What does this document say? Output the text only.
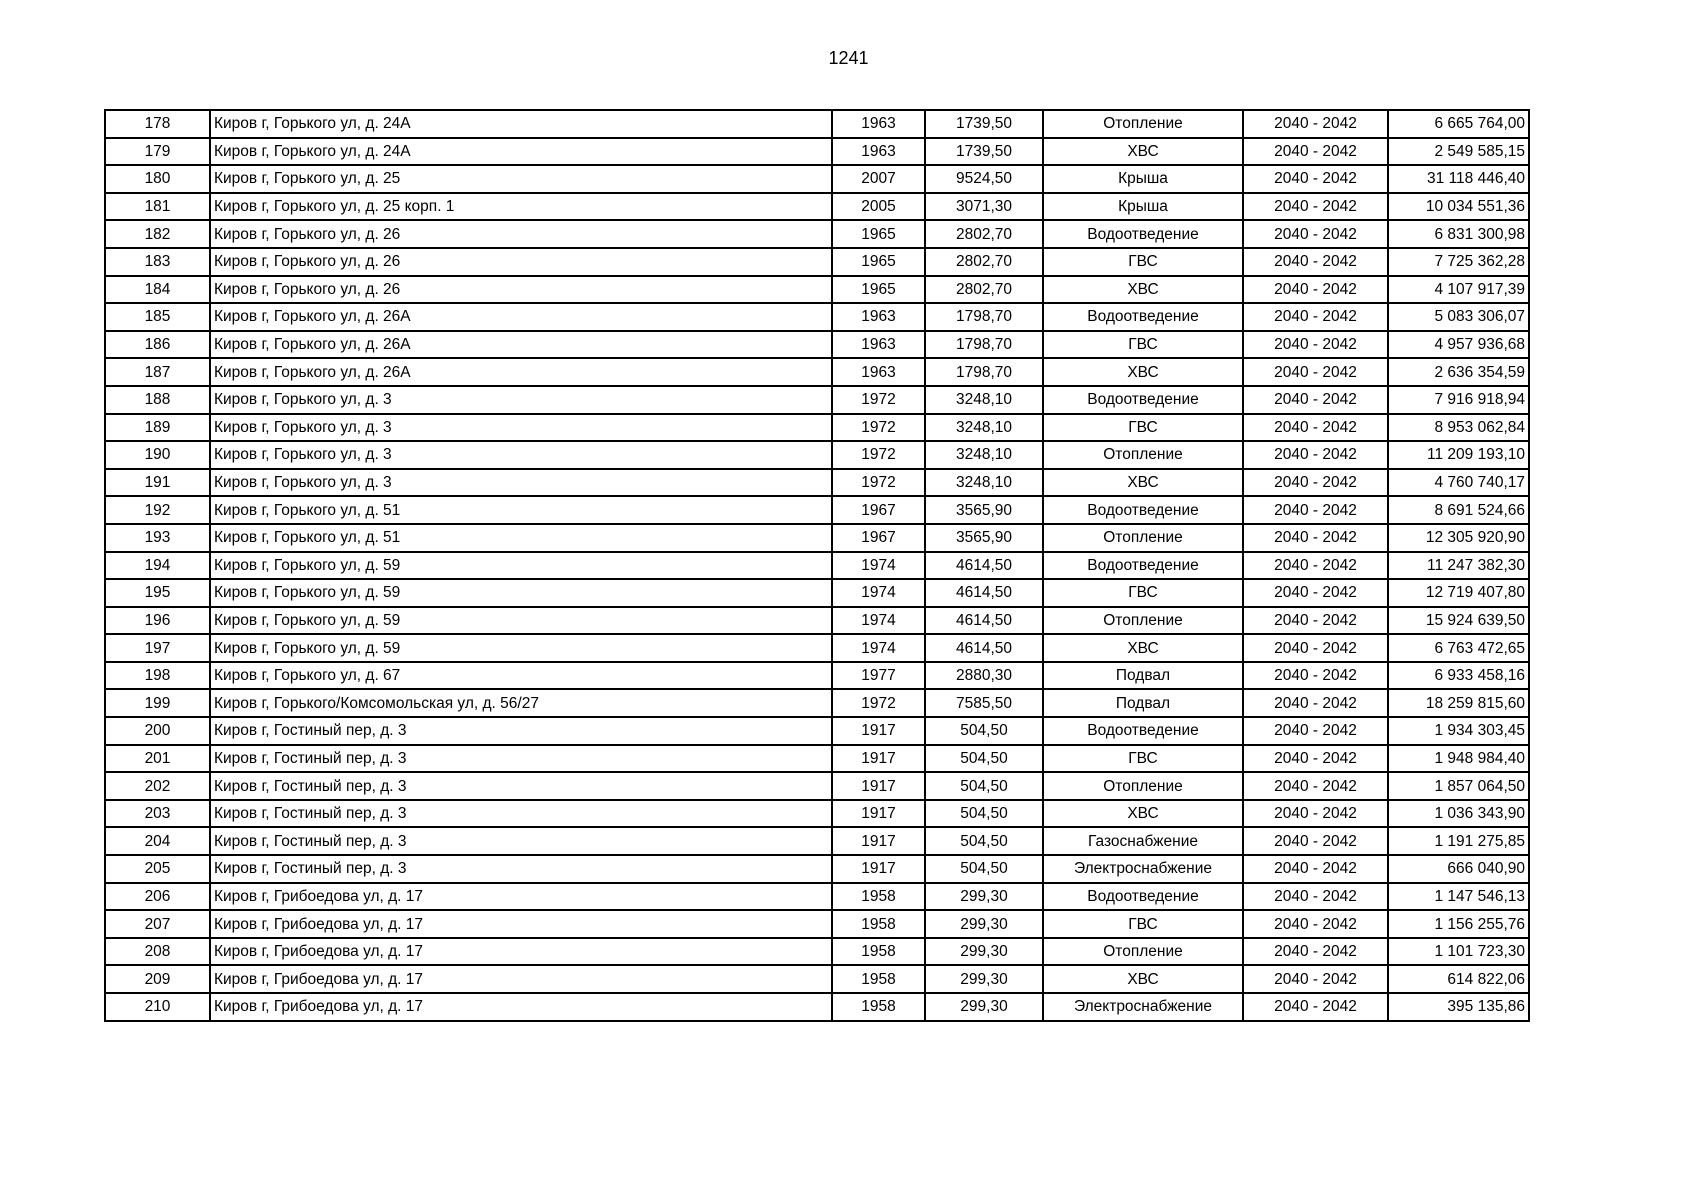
1241
178	Киров г, Горького ул, д. 24А	1963	1739,50	Отопление	2040 - 2042	6 665 764,00
179	Киров г, Горького ул, д. 24А	1963	1739,50	ХВС	2040 - 2042	2 549 585,15
180	Киров г, Горького ул, д. 25	2007	9524,50	Крыша	2040 - 2042	31 118 446,40
181	Киров г, Горького ул, д. 25 корп. 1	2005	3071,30	Крыша	2040 - 2042	10 034 551,36
182	Киров г, Горького ул, д. 26	1965	2802,70	Водоотведение	2040 - 2042	6 831 300,98
183	Киров г, Горького ул, д. 26	1965	2802,70	ГВС	2040 - 2042	7 725 362,28
184	Киров г, Горького ул, д. 26	1965	2802,70	ХВС	2040 - 2042	4 107 917,39
185	Киров г, Горького ул, д. 26А	1963	1798,70	Водоотведение	2040 - 2042	5 083 306,07
186	Киров г, Горького ул, д. 26А	1963	1798,70	ГВС	2040 - 2042	4 957 936,68
187	Киров г, Горького ул, д. 26А	1963	1798,70	ХВС	2040 - 2042	2 636 354,59
188	Киров г, Горького ул, д. 3	1972	3248,10	Водоотведение	2040 - 2042	7 916 918,94
189	Киров г, Горького ул, д. 3	1972	3248,10	ГВС	2040 - 2042	8 953 062,84
190	Киров г, Горького ул, д. 3	1972	3248,10	Отопление	2040 - 2042	11 209 193,10
191	Киров г, Горького ул, д. 3	1972	3248,10	ХВС	2040 - 2042	4 760 740,17
192	Киров г, Горького ул, д. 51	1967	3565,90	Водоотведение	2040 - 2042	8 691 524,66
193	Киров г, Горького ул, д. 51	1967	3565,90	Отопление	2040 - 2042	12 305 920,90
194	Киров г, Горького ул, д. 59	1974	4614,50	Водоотведение	2040 - 2042	11 247 382,30
195	Киров г, Горького ул, д. 59	1974	4614,50	ГВС	2040 - 2042	12 719 407,80
196	Киров г, Горького ул, д. 59	1974	4614,50	Отопление	2040 - 2042	15 924 639,50
197	Киров г, Горького ул, д. 59	1974	4614,50	ХВС	2040 - 2042	6 763 472,65
198	Киров г, Горького ул, д. 67	1977	2880,30	Подвал	2040 - 2042	6 933 458,16
199	Киров г, Горького/Комсомольская ул, д. 56/27	1972	7585,50	Подвал	2040 - 2042	18 259 815,60
200	Киров г, Гостиный пер, д. 3	1917	504,50	Водоотведение	2040 - 2042	1 934 303,45
201	Киров г, Гостиный пер, д. 3	1917	504,50	ГВС	2040 - 2042	1 948 984,40
202	Киров г, Гостиный пер, д. 3	1917	504,50	Отопление	2040 - 2042	1 857 064,50
203	Киров г, Гостиный пер, д. 3	1917	504,50	ХВС	2040 - 2042	1 036 343,90
204	Киров г, Гостиный пер, д. 3	1917	504,50	Газоснабжение	2040 - 2042	1 191 275,85
205	Киров г, Гостиный пер, д. 3	1917	504,50	Электроснабжение	2040 - 2042	666 040,90
206	Киров г, Грибоедова ул, д. 17	1958	299,30	Водоотведение	2040 - 2042	1 147 546,13
207	Киров г, Грибоедова ул, д. 17	1958	299,30	ГВС	2040 - 2042	1 156 255,76
208	Киров г, Грибоедова ул, д. 17	1958	299,30	Отопление	2040 - 2042	1 101 723,30
209	Киров г, Грибоедова ул, д. 17	1958	299,30	ХВС	2040 - 2042	614 822,06
210	Киров г, Грибоедова ул, д. 17	1958	299,30	Электроснабжение	2040 - 2042	395 135,86
